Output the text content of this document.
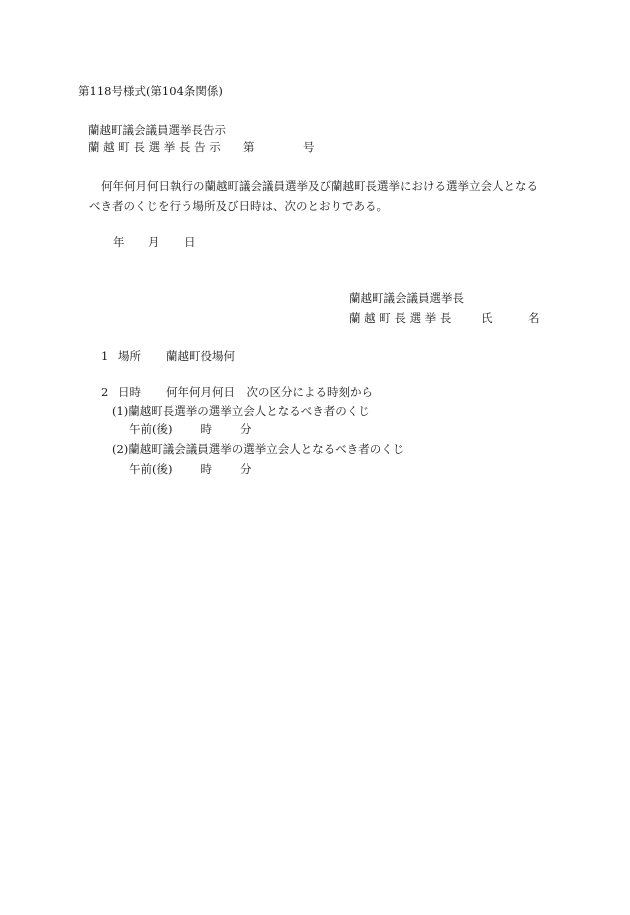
第118号様式(第104条関係)
蘭越町議会議員選挙長告示
蘭 越 町 長 選 挙 長 告 示 第	号
何年何月何日執行の蘭越町議会議員選挙及び蘭越町長選挙における選挙立会人となる
べき者のくじを行う場所及び日時は、次のとおりである。
年 月 日
蘭越町議会議員選挙長
蘭 越 町 長 選 挙 長	氏	名
1 場所 蘭越町役場何
2 日時 何年何月何日　次の区分による時刻から
(1)蘭越町長選挙の選挙立会人となるべき者のくじ
午前(後) 時 分
(2)蘭越町議会議員選挙の選挙立会人となるべき者のくじ
午前(後) 時 分
